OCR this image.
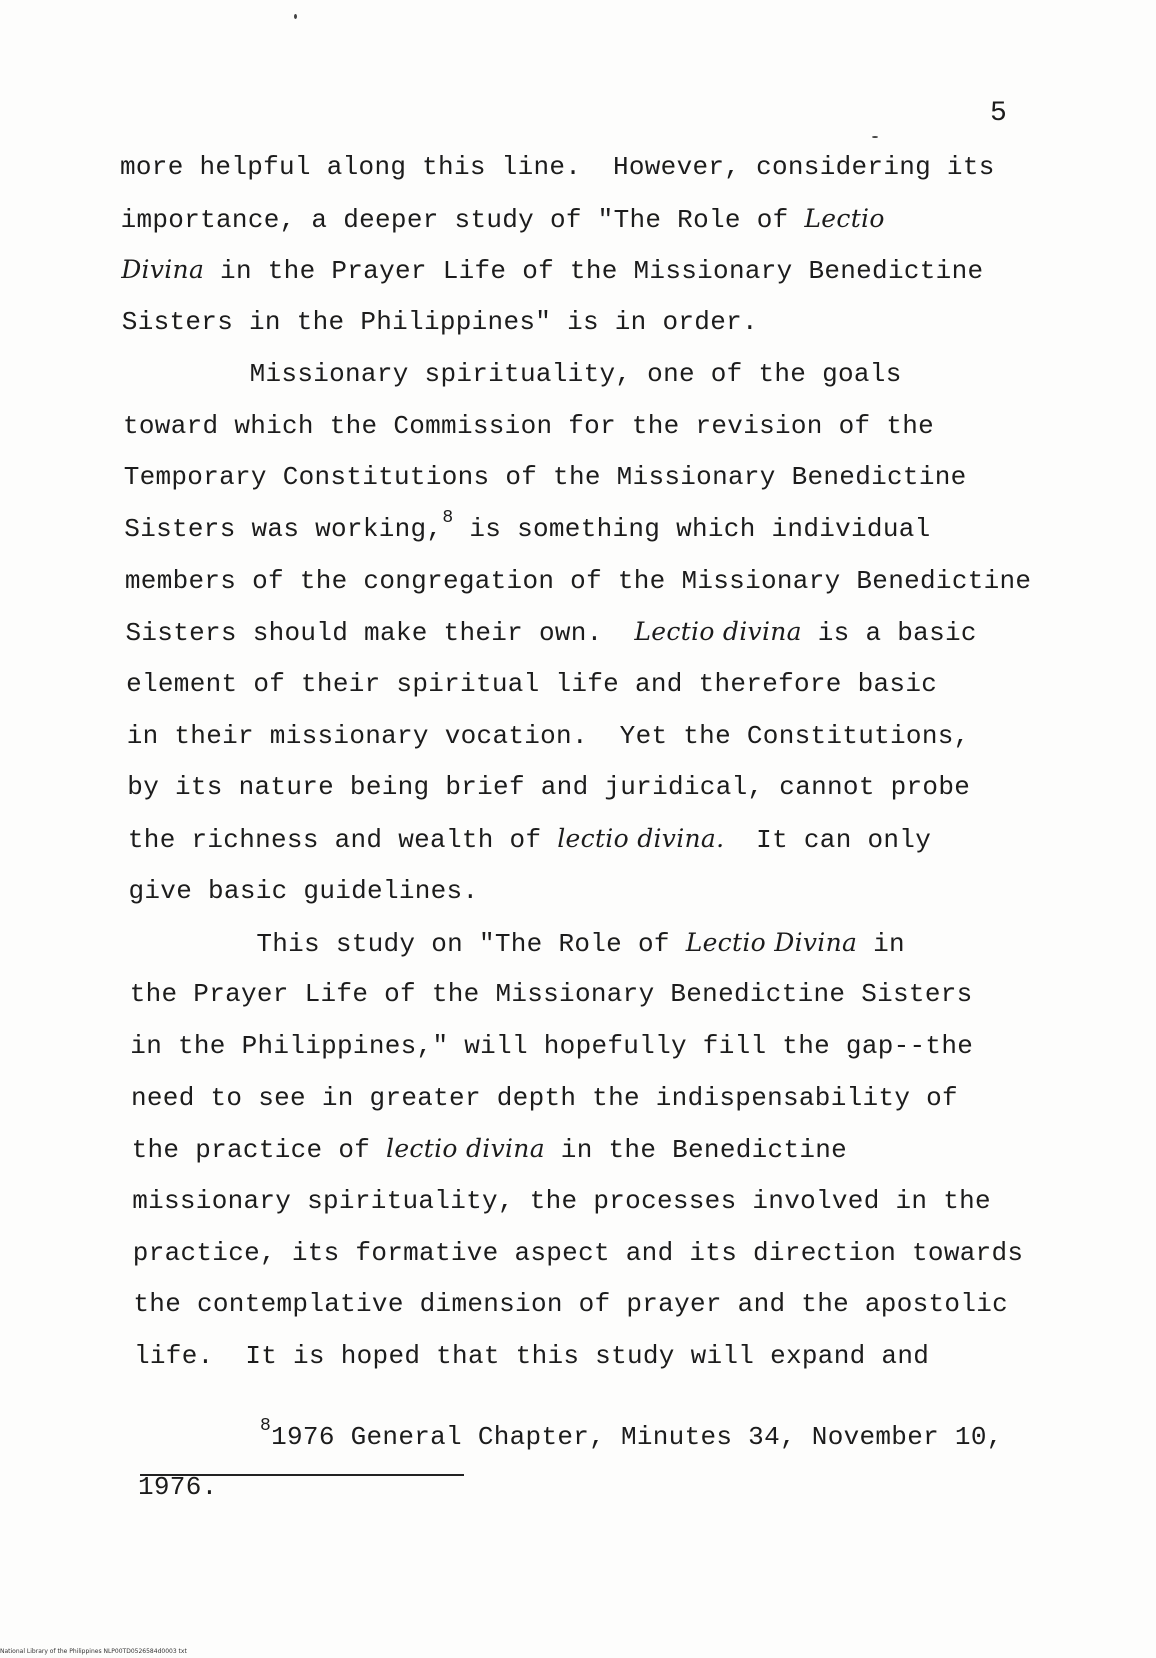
5
more helpful along this line.  However, considering its
importance, a deeper study of "The Role of Lectio
Divina in the Prayer Life of the Missionary Benedictine
Sisters in the Philippines" is in order.
Missionary spirituality, one of the goals
toward which the Commission for the revision of the
Temporary Constitutions of the Missionary Benedictine
Sisters was working,$^8$ is something which individual
members of the congregation of the Missionary Benedictine
Sisters should make their own.  Lectio divina is a basic
element of their spiritual life and therefore basic
in their missionary vocation.  Yet the Constitutions,
by its nature being brief and juridical, cannot probe
the richness and wealth of lectio divina.  It can only
give basic guidelines.
This study on "The Role of Lectio Divina in
the Prayer Life of the Missionary Benedictine Sisters
in the Philippines," will hopefully fill the gap--the
need to see in greater depth the indispensability of
the practice of lectio divina in the Benedictine
missionary spirituality, the processes involved in the
practice, its formative aspect and its direction towards
the contemplative dimension of prayer and the apostolic
life.  It is hoped that this study will expand and
$^8$1976 General Chapter, Minutes 34, November 10,
1976.
National Library of the Philippines NLP00TD0526584d0003 txt
